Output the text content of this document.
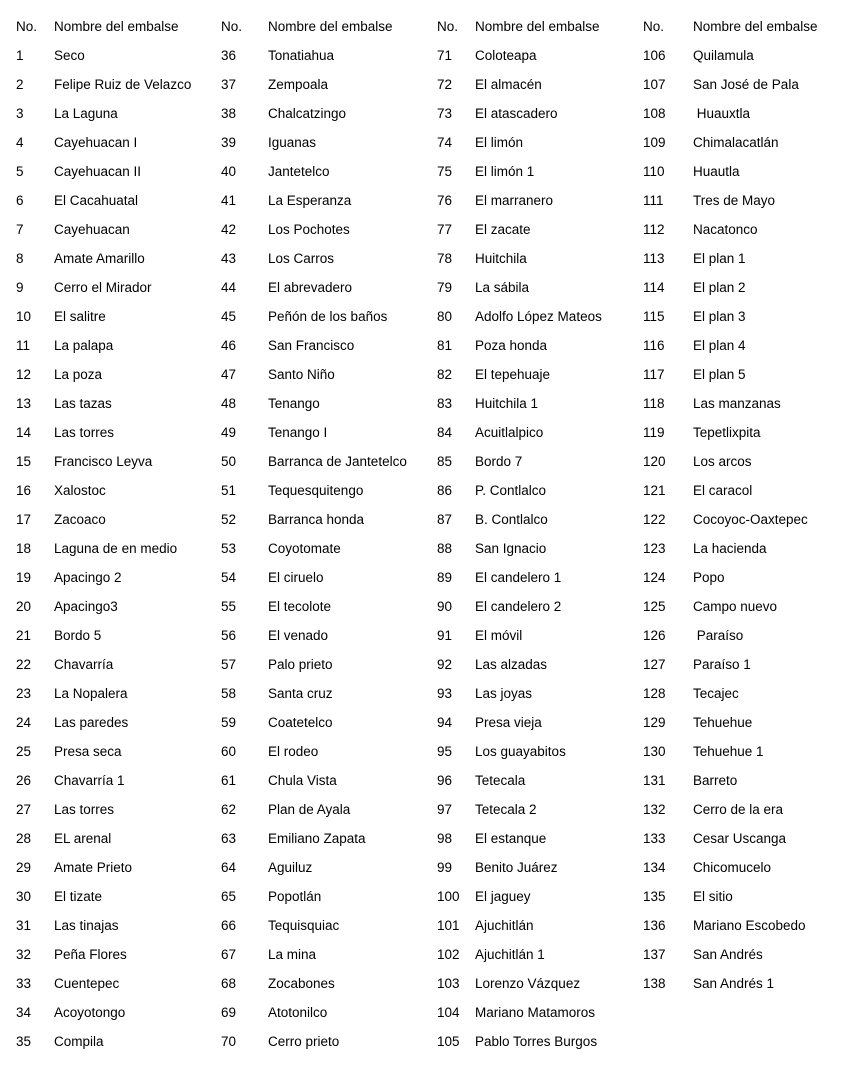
No. Nombre del embalse
1 Seco
2 Felipe Ruiz de Velazco
3 La Laguna
4 Cayehuacan I
5 Cayehuacan II
6 El Cacahuatal
7 Cayehuacan
8 Amate Amarillo
9 Cerro el Mirador
10 El salitre
11 La palapa
12 La poza
13 Las tazas
14 Las torres
15 Francisco Leyva
16 Xalostoc
17 Zacoaco
18 Laguna de en medio
19 Apacingo 2
20 Apacingo3
21 Bordo 5
22 Chavarría
23 La Nopalera
24 Las paredes
25 Presa seca
26 Chavarría 1
27 Las torres
28 EL arenal
29 Amate Prieto
30 El tizate
31 Las tinajas
32 Peña Flores
33 Cuentepec
34 Acoyotongo
35 Compila
No. Nombre del embalse
36 Tonatiahua
37 Zempoala
38 Chalcatzingo
39 Iguanas
40 Jantetelco
41 La Esperanza
42 Los Pochotes
43 Los Carros
44 El abrevadero
45 Peñón de los baños
46 San Francisco
47 Santo Niño
48 Tenango
49 Tenango I
50 Barranca de Jantetelco
51 Tequesquitengo
52 Barranca honda
53 Coyotomate
54 El ciruelo
55 El tecolote
56 El venado
57 Palo prieto
58 Santa cruz
59 Coatetelco
60 El rodeo
61 Chula Vista
62 Plan de Ayala
63 Emiliano Zapata
64 Aguiluz
65 Popotlán
66 Tequisquiac
67 La mina
68 Zocabones
69 Atotonilco
70 Cerro prieto
No. Nombre del embalse
71 Coloteapa
72 El almacén
73 El atascadero
74 El limón
75 El limón 1
76 El marranero
77 El zacate
78 Huitchila
79 La sábila
80 Adolfo López Mateos
81 Poza honda
82 El tepehuaje
83 Huitchila 1
84 Acuitlalpico
85 Bordo 7
86 P. Contlalco
87 B. Contlalco
88 San Ignacio
89 El candelero 1
90 El candelero 2
91 El móvil
92 Las alzadas
93 Las joyas
94 Presa vieja
95 Los guayabitos
96 Tetecala
97 Tetecala 2
98 El estanque
99 Benito Juárez
100 El jaguey
101 Ajuchitlán
102 Ajuchitlán 1
103 Lorenzo Vázquez
104 Mariano Matamoros
105 Pablo Torres Burgos
No. Nombre del embalse
106 Quilamula
107 San José de Pala
108 Huauxtla
109 Chimalacatlán
110 Huautla
111 Tres de Mayo
112 Nacatonco
113 El plan 1
114 El plan 2
115 El plan 3
116 El plan 4
117 El plan 5
118 Las manzanas
119 Tepetlixpita
120 Los arcos
121 El caracol
122 Cocoyoc-Oaxtepec
123 La hacienda
124 Popo
125 Campo nuevo
126 Paraíso
127 Paraíso 1
128 Tecajec
129 Tehuehue
130 Tehuehue 1
131 Barreto
132 Cerro de la era
133 Cesar Uscanga
134 Chicomucelo
135 El sitio
136 Mariano Escobedo
137 San Andrés
138 San Andrés 1
